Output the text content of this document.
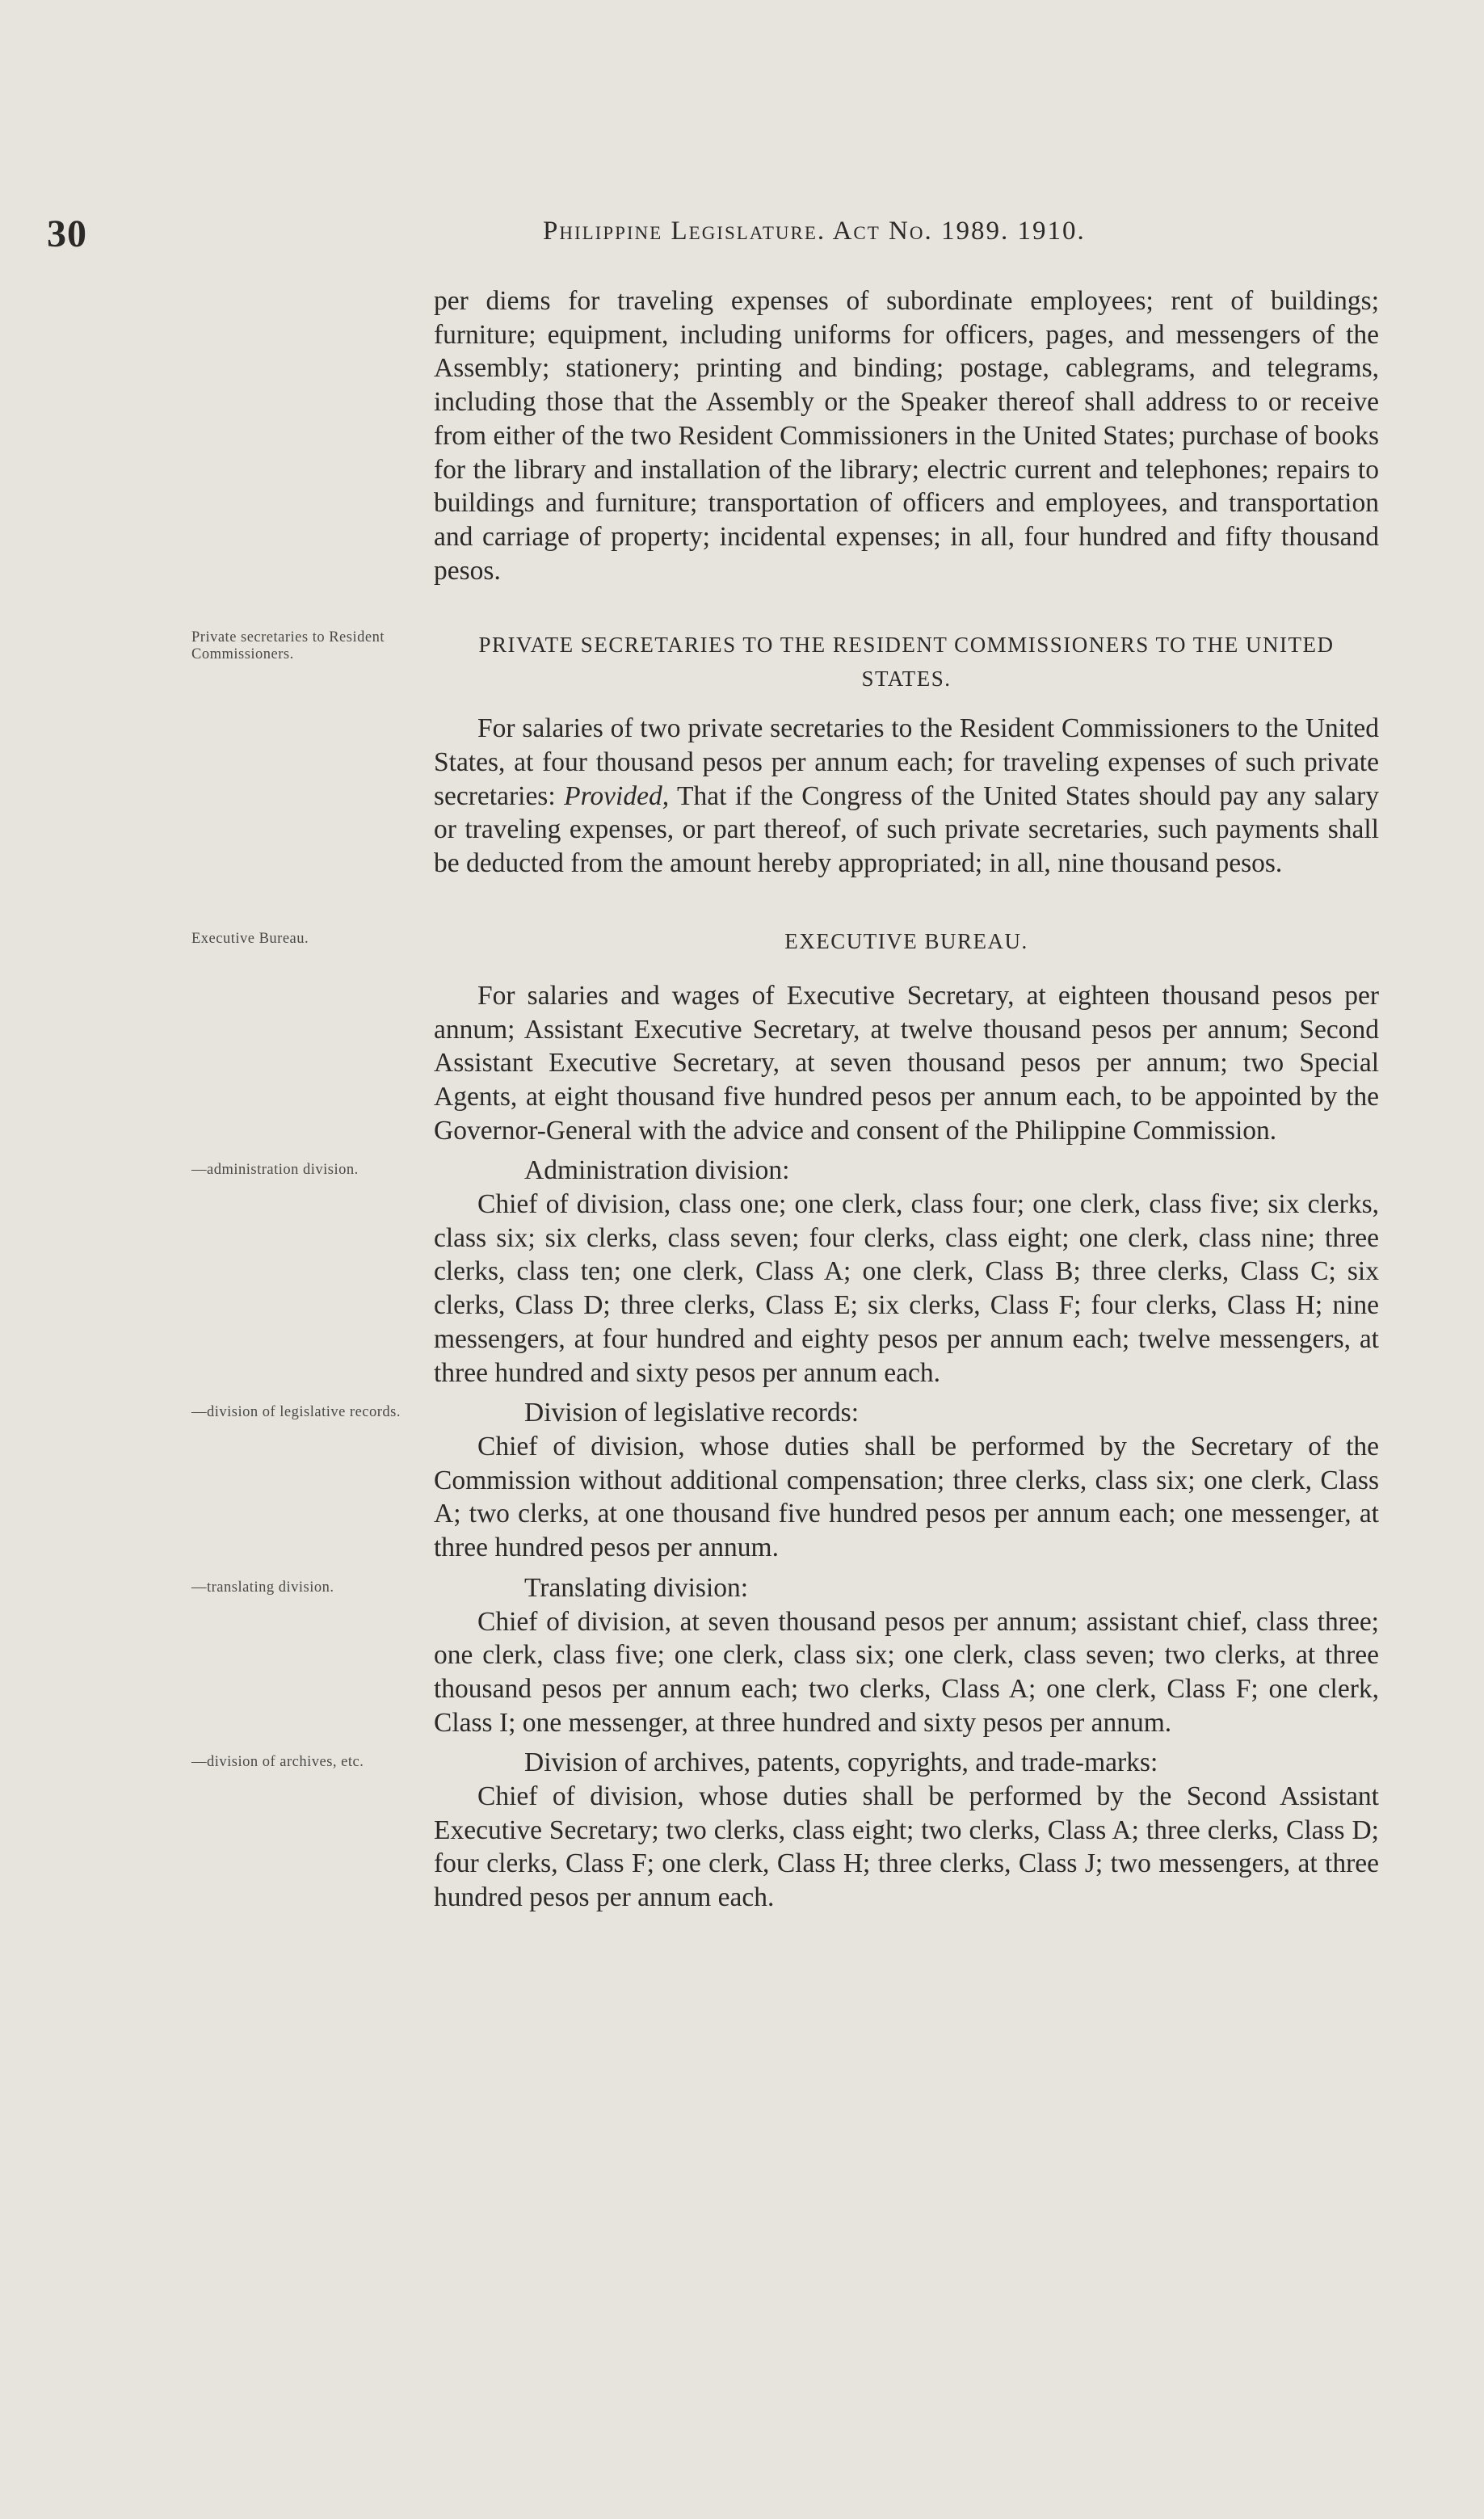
30	Philippine Legislature. Act No. 1989. 1910.

per diems for traveling expenses of subordinate employees; rent of buildings; furniture; equipment, including uniforms for officers, pages, and messengers of the Assembly; stationery; printing and binding; postage, cablegrams, and telegrams, including those that the Assembly or the Speaker thereof shall address to or receive from either of the two Resident Commissioners in the United States; purchase of books for the library and installation of the library; electric current and telephones; repairs to buildings and furniture; transportation of officers and employees, and transportation and carriage of property; incidental expenses; in all, four hundred and fifty thousand pesos.

Private secretaries to Resident Commissioners.	PRIVATE SECRETARIES TO THE RESIDENT COMMISSIONERS TO THE UNITED STATES.

For salaries of two private secretaries to the Resident Commissioners to the United States, at four thousand pesos per annum each; for traveling expenses of such private secretaries: Provided, That if the Congress of the United States should pay any salary or traveling expenses, or part thereof, of such private secretaries, such payments shall be deducted from the amount hereby appropriated; in all, nine thousand pesos.

Executive Bureau.	EXECUTIVE BUREAU.

For salaries and wages of Executive Secretary, at eighteen thousand pesos per annum; Assistant Executive Secretary, at twelve thousand pesos per annum; Second Assistant Executive Secretary, at seven thousand pesos per annum; two Special Agents, at eight thousand five hundred pesos per annum each, to be appointed by the Governor-General with the advice and consent of the Philippine Commission.

—administration division.	Administration division:

Chief of division, class one; one clerk, class four; one clerk, class five; six clerks, class six; six clerks, class seven; four clerks, class eight; one clerk, class nine; three clerks, class ten; one clerk, Class A; one clerk, Class B; three clerks, Class C; six clerks, Class D; three clerks, Class E; six clerks, Class F; four clerks, Class H; nine messengers, at four hundred and eighty pesos per annum each; twelve messengers, at three hundred and sixty pesos per annum each.

—division of legislative records.	Division of legislative records:

Chief of division, whose duties shall be performed by the Secretary of the Commission without additional compensation; three clerks, class six; one clerk, Class A; two clerks, at one thousand five hundred pesos per annum each; one messenger, at three hundred pesos per annum.

—translating division.	Translating division:

Chief of division, at seven thousand pesos per annum; assistant chief, class three; one clerk, class five; one clerk, class six; one clerk, class seven; two clerks, at three thousand pesos per annum each; two clerks, Class A; one clerk, Class F; one clerk, Class I; one messenger, at three hundred and sixty pesos per annum.

—division of archives, etc.	Division of archives, patents, copyrights, and trade-marks:

Chief of division, whose duties shall be performed by the Second Assistant Executive Secretary; two clerks, class eight; two clerks, Class A; three clerks, Class D; four clerks, Class F; one clerk, Class H; three clerks, Class J; two messengers, at three hundred pesos per annum each.
